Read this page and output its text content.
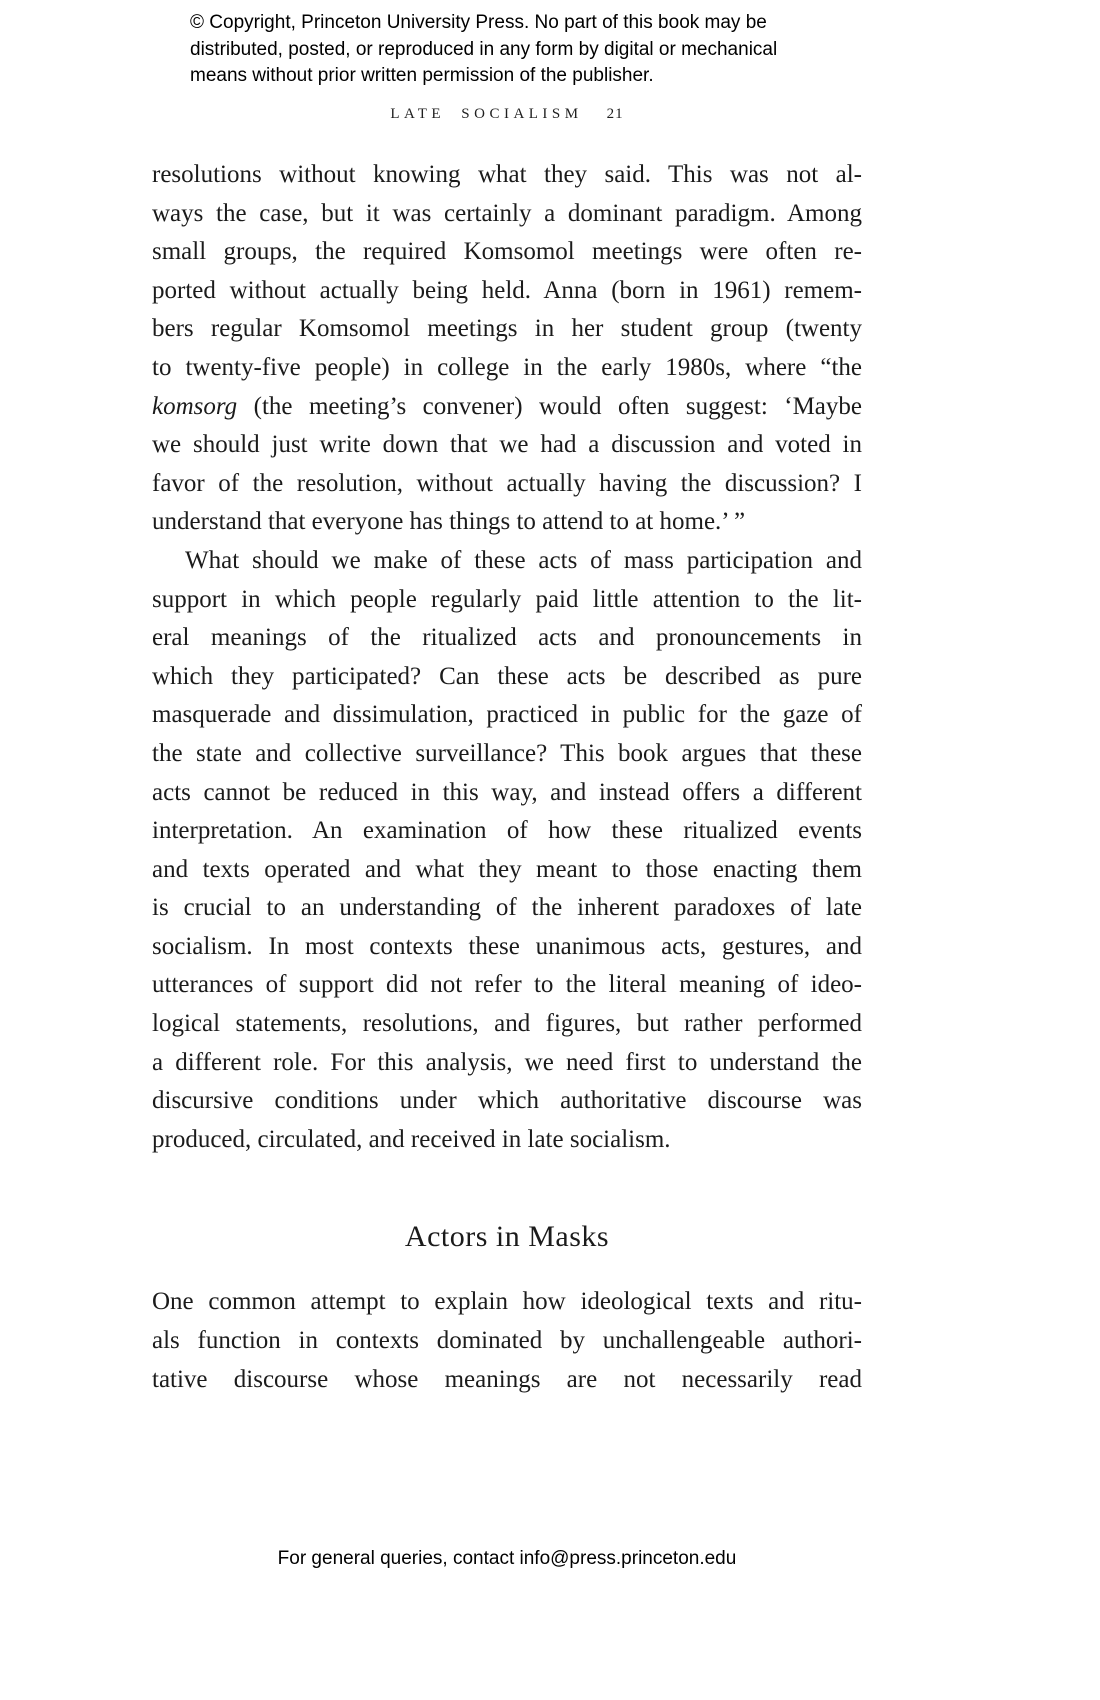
© Copyright, Princeton University Press. No part of this book may be
distributed, posted, or reproduced in any form by digital or mechanical
means without prior written permission of the publisher.
LATE SOCIALISM 21
resolutions without knowing what they said. This was not al-
ways the case, but it was certainly a dominant paradigm. Among
small groups, the required Komsomol meetings were often re-
ported without actually being held. Anna (born in 1961) remem-
bers regular Komsomol meetings in her student group (twenty
to twenty-five people) in college in the early 1980s, where “the
komsorg (the meeting’s convener) would often suggest: ‘Maybe
we should just write down that we had a discussion and voted in
favor of the resolution, without actually having the discussion? I
understand that everyone has things to attend to at home.’ ”
What should we make of these acts of mass participation and
support in which people regularly paid little attention to the lit-
eral meanings of the ritualized acts and pronouncements in
which they participated? Can these acts be described as pure
masquerade and dissimulation, practiced in public for the gaze of
the state and collective surveillance? This book argues that these
acts cannot be reduced in this way, and instead offers a different
interpretation. An examination of how these ritualized events
and texts operated and what they meant to those enacting them
is crucial to an understanding of the inherent paradoxes of late
socialism. In most contexts these unanimous acts, gestures, and
utterances of support did not refer to the literal meaning of ideo-
logical statements, resolutions, and figures, but rather performed
a different role. For this analysis, we need first to understand the
discursive conditions under which authoritative discourse was
produced, circulated, and received in late socialism.
Actors in Masks
One common attempt to explain how ideological texts and ritu-
als function in contexts dominated by unchallengeable authori-
tative discourse whose meanings are not necessarily read
For general queries, contact info@press.princeton.edu
